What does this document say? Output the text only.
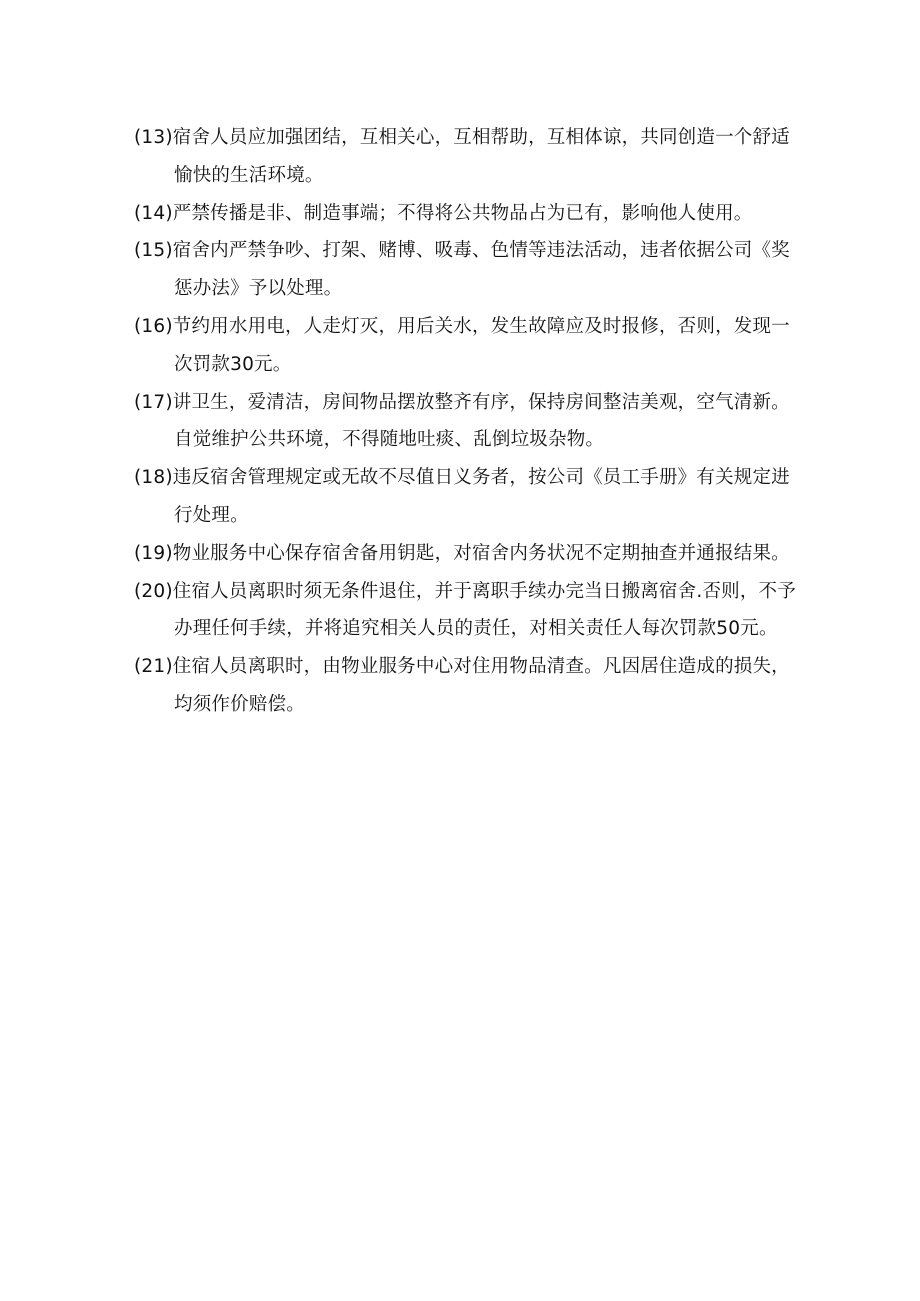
(13)宿舍人员应加强团结，互相关心，互相帮助，互相体谅，共同创造一个舒适愉快的生活环境。

(14)严禁传播是非、制造事端；不得将公共物品占为已有，影响他人使用。

(15)宿舍内严禁争吵、打架、赌博、吸毒、色情等违法活动，违者依据公司《奖惩办法》予以处理。

(16)节约用水用电，人走灯灭，用后关水，发生故障应及时报修，否则，发现一次罚款30元。

(17)讲卫生，爱清洁，房间物品摆放整齐有序，保持房间整洁美观，空气清新。自觉维护公共环境，不得随地吐痰、乱倒垃圾杂物。

(18)违反宿舍管理规定或无故不尽值日义务者，按公司《员工手册》有关规定进行处理。

(19)物业服务中心保存宿舍备用钥匙，对宿舍内务状况不定期抽查并通报结果。

(20)住宿人员离职时须无条件退住，并于离职手续办完当日搬离宿舍.否则，不予办理任何手续，并将追究相关人员的责任，对相关责任人每次罚款50元。

(21)住宿人员离职时，由物业服务中心对住用物品清查。凡因居住造成的损失，均须作价赔偿。
